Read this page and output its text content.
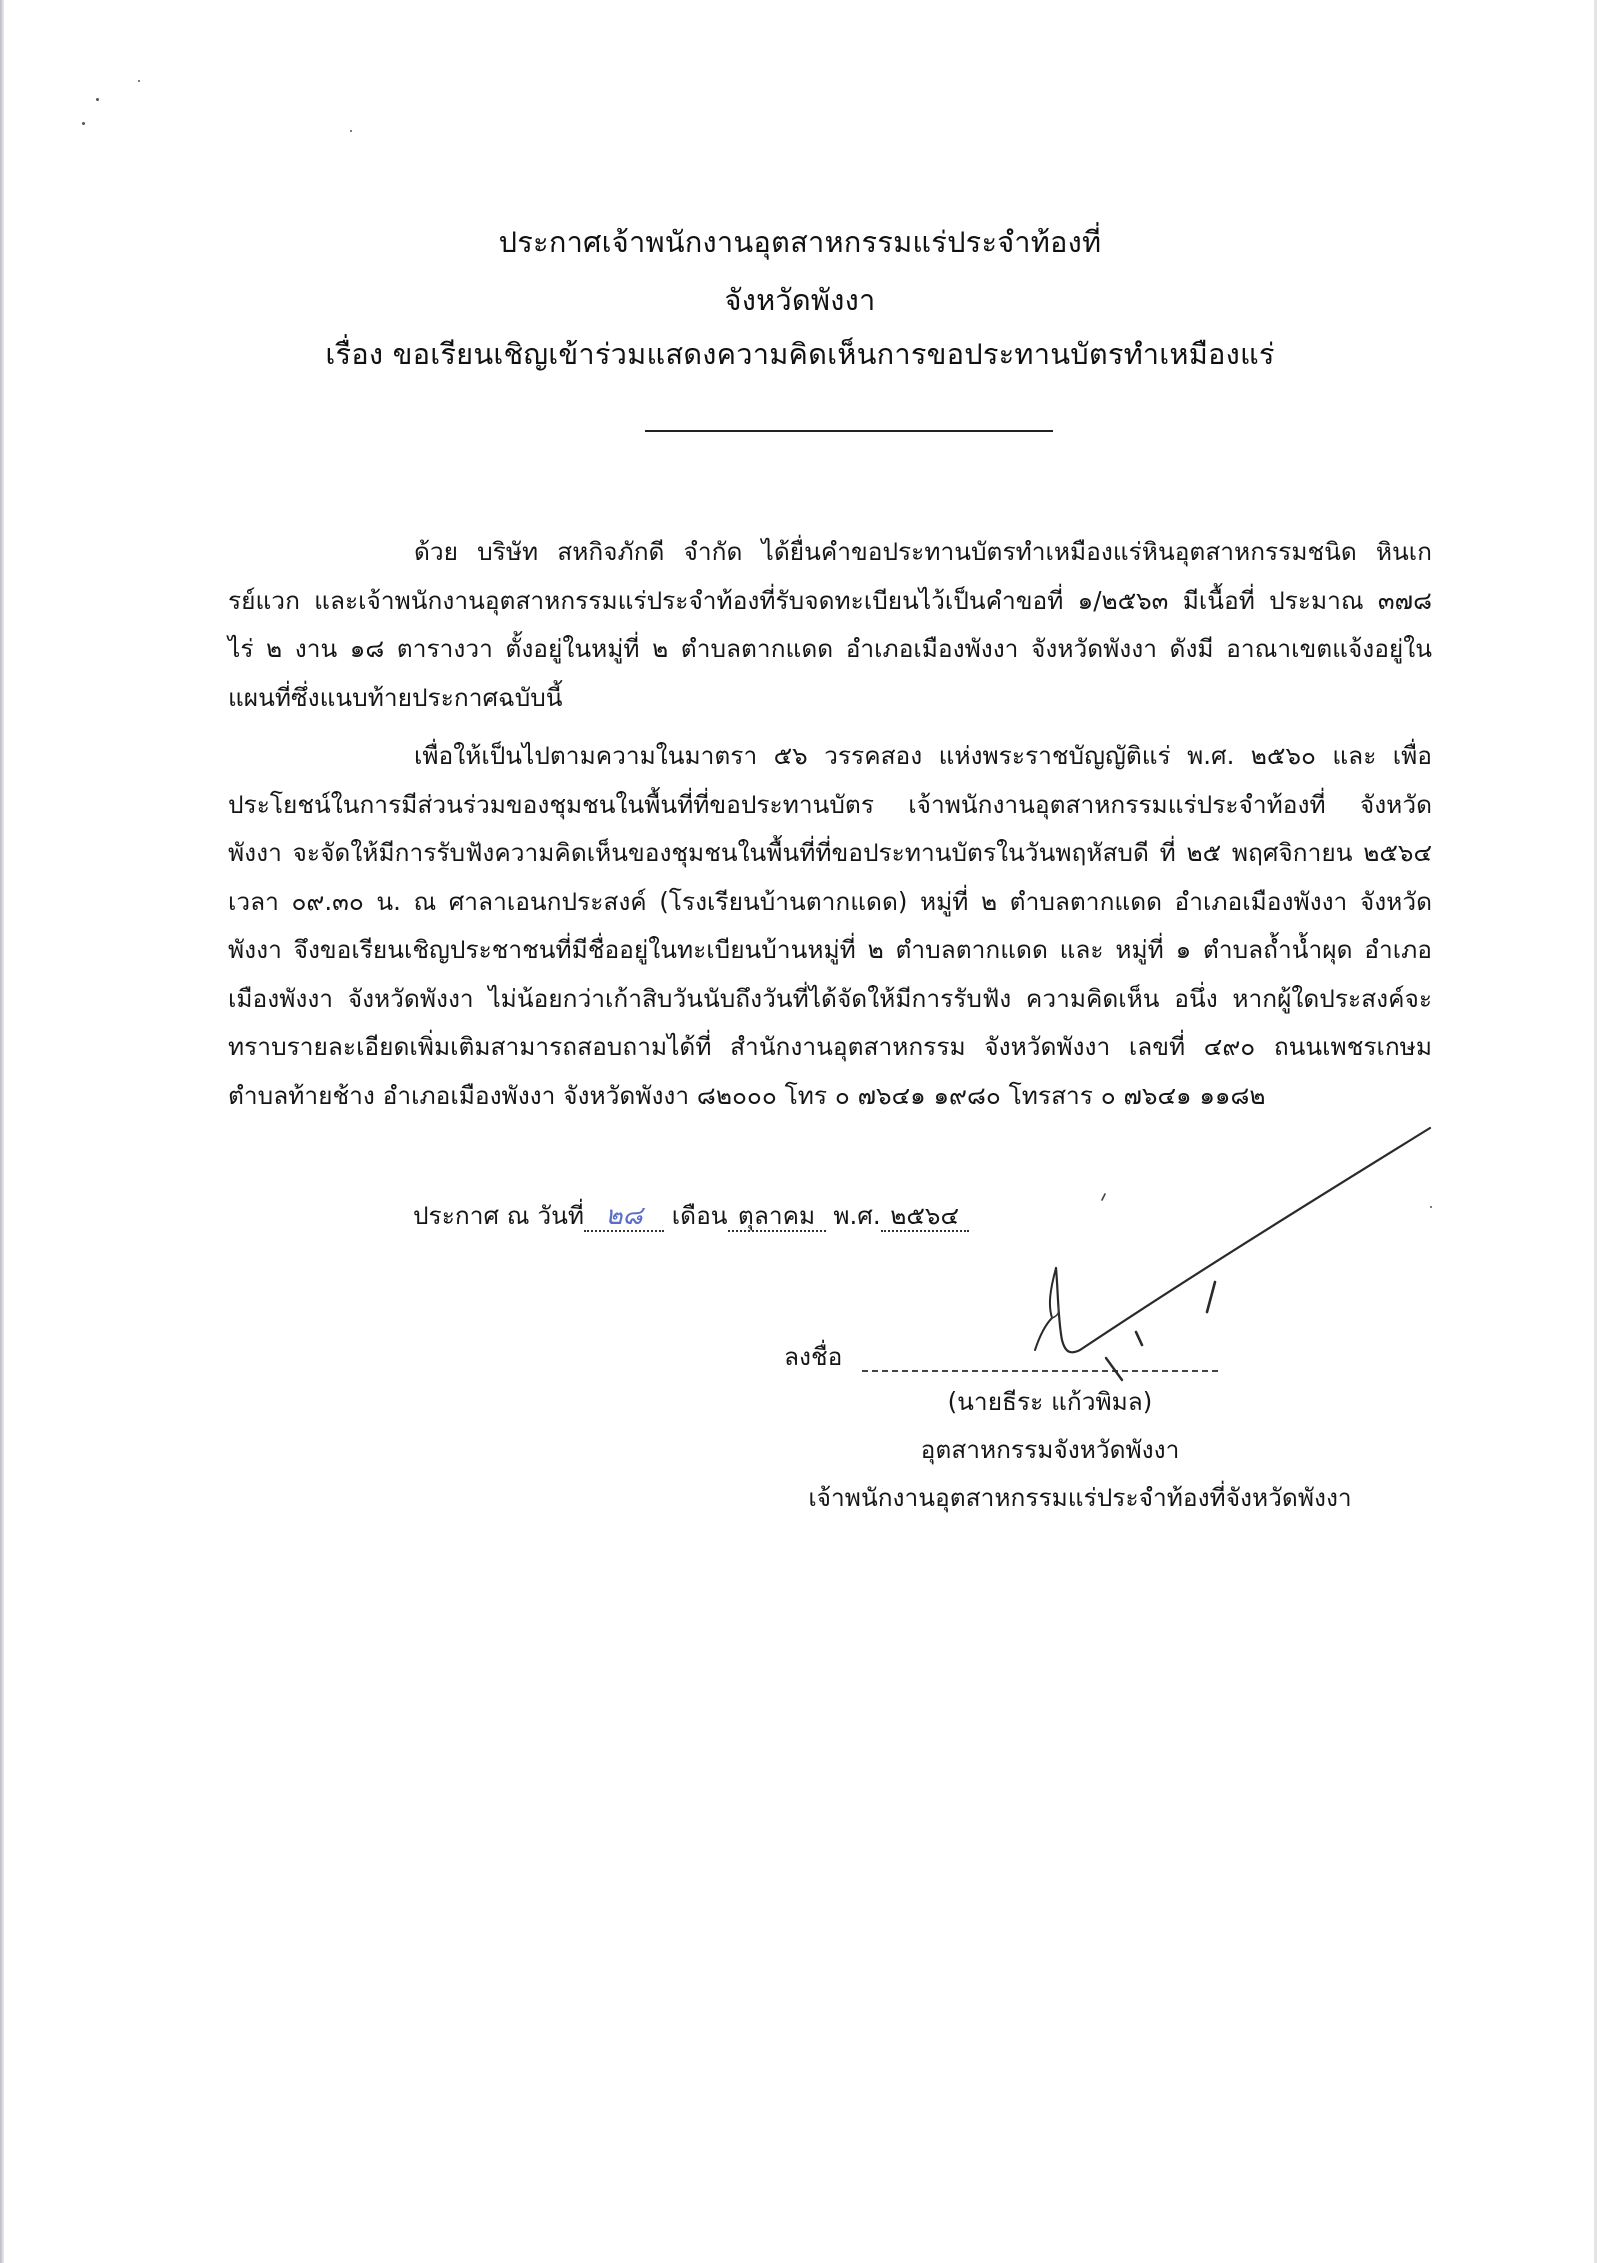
ประกาศเจ้าพนักงานอุตสาหกรรมแร่ประจำท้องที่
จังหวัดพังงา
เรื่อง ขอเรียนเชิญเข้าร่วมแสดงความคิดเห็นการขอประทานบัตรทำเหมืองแร่
ด้วย บริษัท สหกิจภักดี จำกัด ได้ยื่นคำขอประทานบัตรทำเหมืองแร่หินอุตสาหกรรมชนิด หินเกรย์แวก และเจ้าพนักงานอุตสาหกรรมแร่ประจำท้องที่รับจดทะเบียนไว้เป็นคำขอที่ ๑/๒๕๖๓ มีเนื้อที่ ประมาณ ๓๗๘ ไร่ ๒ งาน ๑๘ ตารางวา ตั้งอยู่ในหมู่ที่ ๒ ตำบลตากแดด อำเภอเมืองพังงา จังหวัดพังงา ดังมี อาณาเขตแจ้งอยู่ในแผนที่ซึ่งแนบท้ายประกาศฉบับนี้
เพื่อให้เป็นไปตามความในมาตรา ๕๖ วรรคสอง แห่งพระราชบัญญัติแร่ พ.ศ. ๒๕๖๐ และ เพื่อประโยชน์ในการมีส่วนร่วมของชุมชนในพื้นที่ที่ขอประทานบัตร เจ้าพนักงานอุตสาหกรรมแร่ประจำท้องที่ จังหวัดพังงา จะจัดให้มีการรับฟังความคิดเห็นของชุมชนในพื้นที่ที่ขอประทานบัตรในวันพฤหัสบดี ที่ ๒๕ พฤศจิกายน ๒๕๖๔ เวลา ๐๙.๓๐ น. ณ ศาลาเอนกประสงค์ (โรงเรียนบ้านตากแดด) หมู่ที่ ๒ ตำบลตากแดด อำเภอเมืองพังงา จังหวัดพังงา จึงขอเรียนเชิญประชาชนที่มีชื่ออยู่ในทะเบียนบ้านหมู่ที่ ๒ ตำบลตากแดด และ หมู่ที่ ๑ ตำบลถ้ำน้ำผุด อำเภอเมืองพังงา จังหวัดพังงา ไม่น้อยกว่าเก้าสิบวันนับถึงวันที่ได้จัดให้มีการรับฟัง ความคิดเห็น อนึ่ง หากผู้ใดประสงค์จะทราบรายละเอียดเพิ่มเติมสามารถสอบถามได้ที่ สำนักงานอุตสาหกรรม จังหวัดพังงา เลขที่ ๔๙๐ ถนนเพชรเกษม ตำบลท้ายช้าง อำเภอเมืองพังงา จังหวัดพังงา ๘๒๐๐๐ โทร ๐ ๗๖๔๑ ๑๙๘๐ โทรสาร ๐ ๗๖๔๑ ๑๑๘๒
ประกาศ ณ วันที่ ๒๘ เดือน ตุลาคม พ.ศ. ๒๕๖๔
ลงชื่อ
(นายธีระ แก้วพิมล)
อุตสาหกรรมจังหวัดพังงา
เจ้าพนักงานอุตสาหกรรมแร่ประจำท้องที่จังหวัดพังงา
